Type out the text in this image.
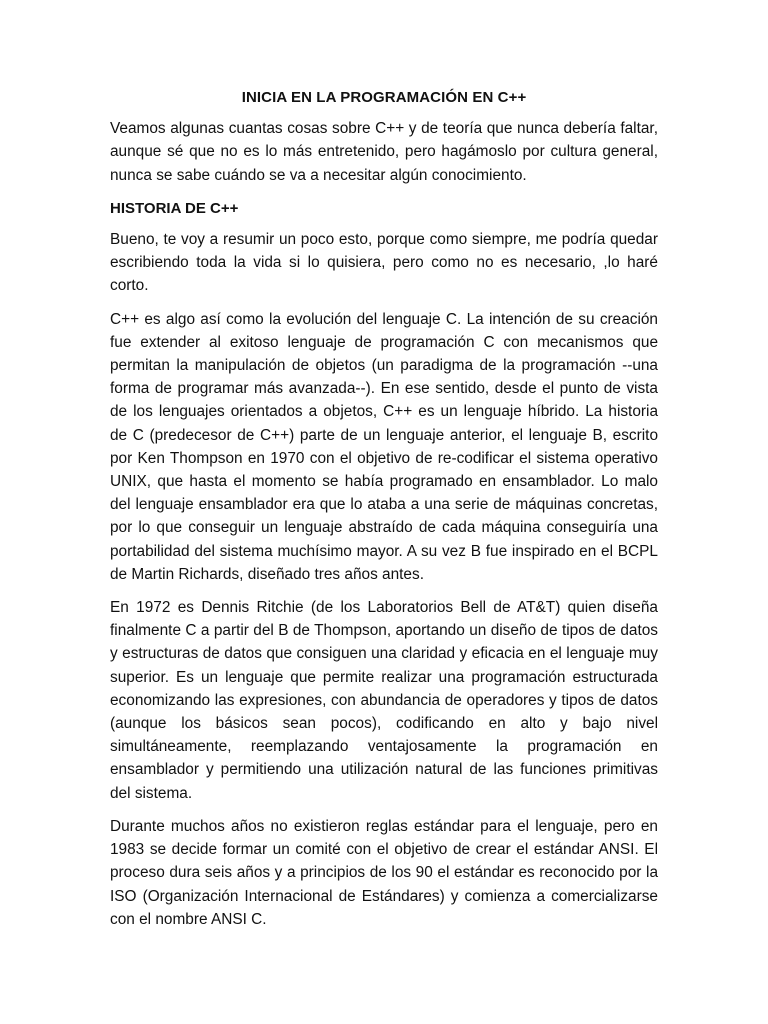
INICIA EN LA PROGRAMACIÓN EN C++

Veamos algunas cuantas cosas sobre C++ y de teoría que nunca debería faltar, aunque sé que no es lo más entretenido, pero hagámoslo por cultura general, nunca se sabe cuándo se va a necesitar algún conocimiento.

HISTORIA DE C++

Bueno, te voy a resumir un poco esto, porque como siempre, me podría quedar escribiendo toda la vida si lo quisiera, pero como no es necesario, ,lo haré corto.

C++ es algo así como la evolución del lenguaje C. La intención de su creación fue extender al exitoso lenguaje de programación C con mecanismos que permitan la manipulación de objetos (un paradigma de la programación --una forma de programar más avanzada--). En ese sentido, desde el punto de vista de los lenguajes orientados a objetos, C++ es un lenguaje híbrido. La historia de C (predecesor de C++) parte de un lenguaje anterior, el lenguaje B, escrito por Ken Thompson en 1970 con el objetivo de re-codificar el sistema operativo UNIX, que hasta el momento se había programado en ensamblador. Lo malo del lenguaje ensamblador era que lo ataba a una serie de máquinas concretas, por lo que conseguir un lenguaje abstraído de cada máquina conseguiría una portabilidad del sistema muchísimo mayor. A su vez B fue inspirado en el BCPL de Martin Richards, diseñado tres años antes.

En 1972 es Dennis Ritchie (de los Laboratorios Bell de AT&T) quien diseña finalmente C a partir del B de Thompson, aportando un diseño de tipos de datos y estructuras de datos que consiguen una claridad y eficacia en el lenguaje muy superior. Es un lenguaje que permite realizar una programación estructurada economizando las expresiones, con abundancia de operadores y tipos de datos (aunque los básicos sean pocos), codificando en alto y bajo nivel simultáneamente, reemplazando ventajosamente la programación en ensamblador y permitiendo una utilización natural de las funciones primitivas del sistema.

Durante muchos años no existieron reglas estándar para el lenguaje, pero en 1983 se decide formar un comité con el objetivo de crear el estándar ANSI. El proceso dura seis años y a principios de los 90 el estándar es reconocido por la ISO (Organización Internacional de Estándares) y comienza a comercializarse con el nombre ANSI C.
